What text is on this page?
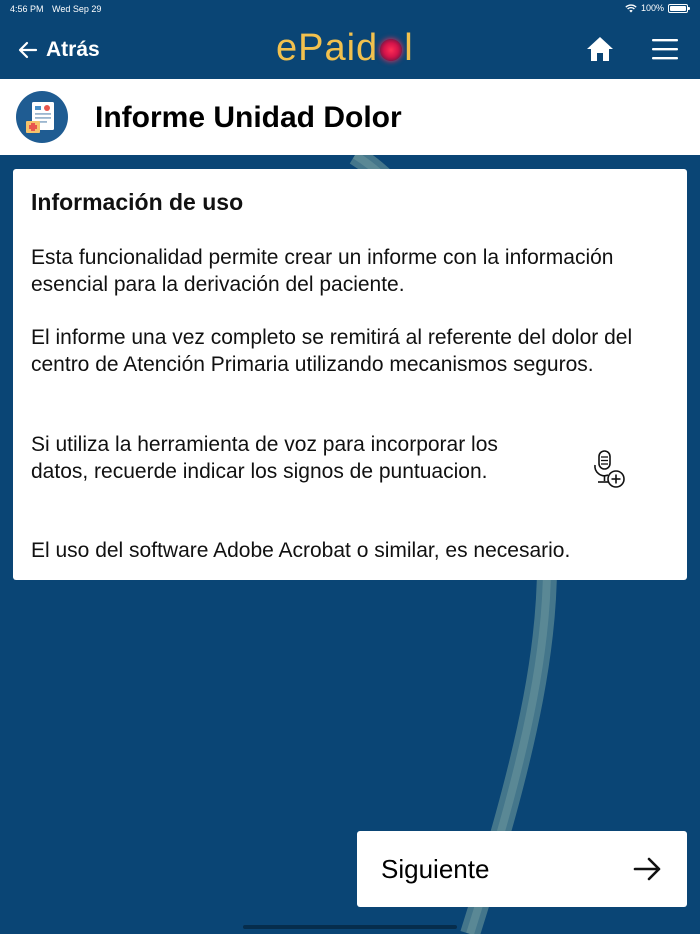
4:56 PM Wed Sep 29	100%
Atrás	ePaid l
Informe Unidad Dolor
Información de uso
Esta funcionalidad permite crear un informe con la información esencial para la derivación del paciente.
El informe una vez completo se remitirá al referente del dolor del centro de Atención Primaria utilizando mecanismos seguros.
Si utiliza la herramienta de voz para incorporar los datos, recuerde indicar los signos de puntuacion.
El uso del software Adobe Acrobat o similar, es necesario.
Siguiente
